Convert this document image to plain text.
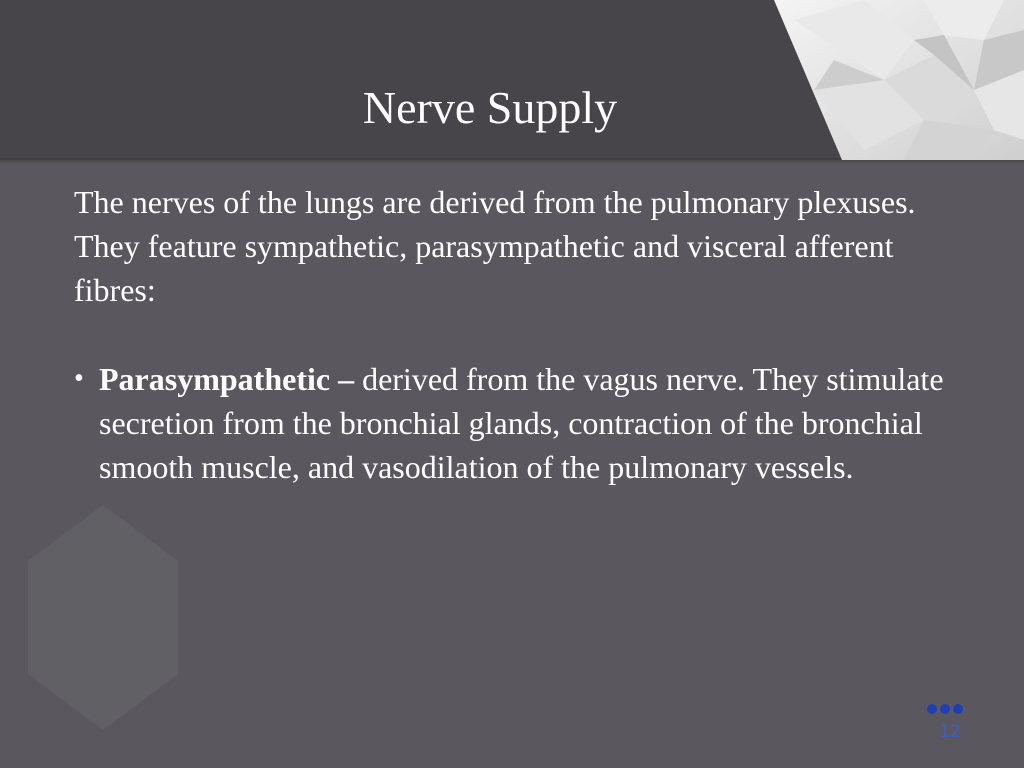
Nerve Supply

The nerves of the lungs are derived from the pulmonary plexuses. They feature sympathetic, parasympathetic and visceral afferent fibres:

• Parasympathetic – derived from the vagus nerve. They stimulate secretion from the bronchial glands, contraction of the bronchial smooth muscle, and vasodilation of the pulmonary vessels.
12
